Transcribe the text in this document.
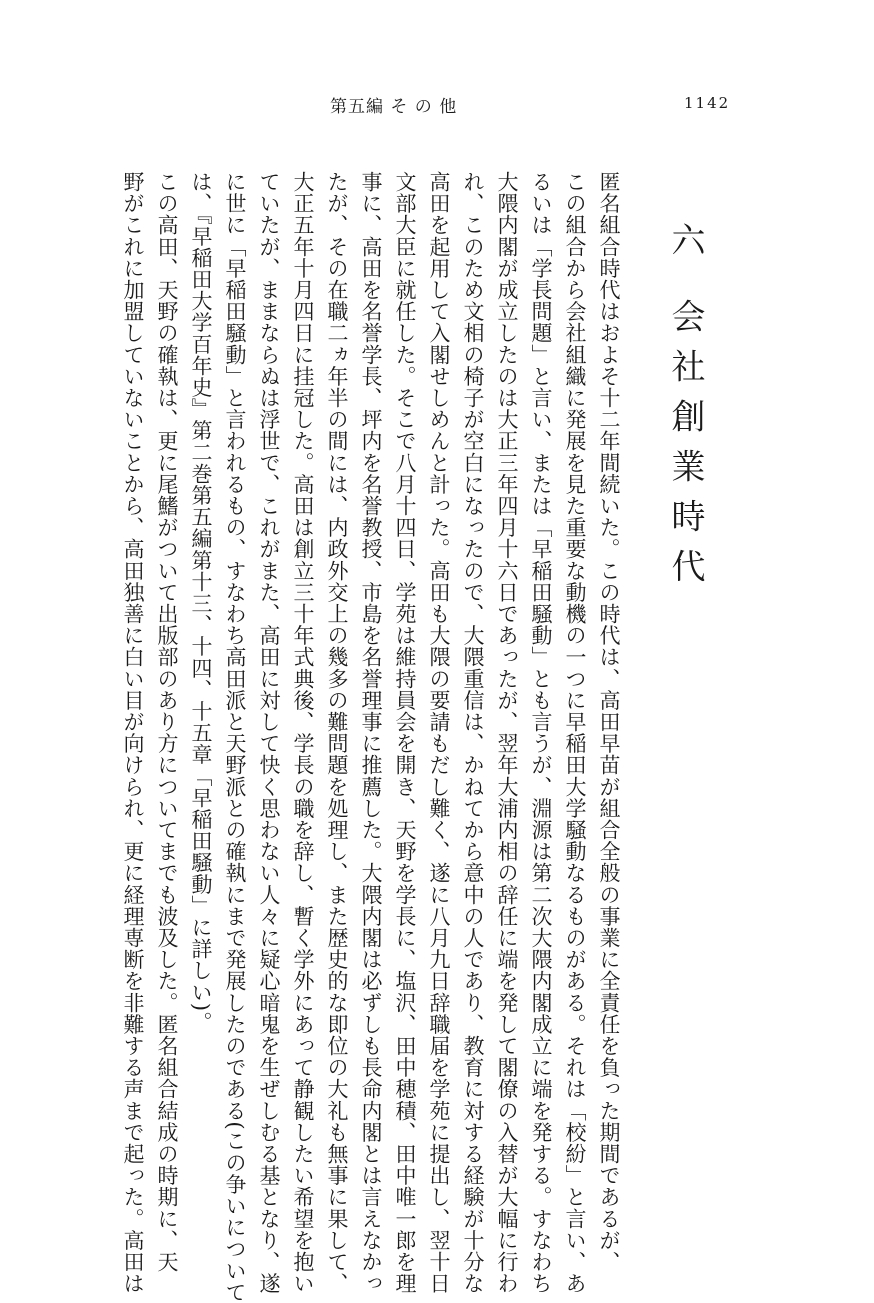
第五編 そ の 他	1142
六 会社創業時代

匿名組合時代はおよそ十二年間続いた。この時代は、高田早苗が組合全般の事業に全責任を負った期間であるが、
この組合から会社組織に発展を見た重要な動機の一つに早稲田大学騒動なるものがある。それは「校紛」と言い、あ
るいは「学長問題」と言い、または「早稲田騒動」とも言うが、淵源は第二次大隈内閣成立に端を発する。すなわち
大隈内閣が成立したのは大正三年四月十六日であったが、翌年大浦内相の辞任に端を発して閣僚の入替が大幅に行わ
れ、このため文相の椅子が空白になったので、大隈重信は、かねてから意中の人であり、教育に対する経験が十分な
高田を起用して入閣せしめんと計った。高田も大隈の要請もだし難く、遂に八月九日辞職届を学苑に提出し、翌十日
文部大臣に就任した。そこで八月十四日、学苑は維持員会を開き、天野を学長に、塩沢、田中穂積、田中唯一郎を理
事に、高田を名誉学長、坪内を名誉教授、市島を名誉理事に推薦した。大隈内閣は必ずしも長命内閣とは言えなかっ
たが、その在職二ヵ年半の間には、内政外交上の幾多の難問題を処理し、また歴史的な即位の大礼も無事に果して、
大正五年十月四日に挂冠した。高田は創立三十年式典後、学長の職を辞し、暫く学外にあって静観したい希望を抱い
ていたが、ままならぬは浮世で、これがまた、高田に対して快く思わない人々に疑心暗鬼を生ぜしむる基となり、遂
に世に「早稲田騒動」と言われるもの、すなわち高田派と天野派との確執にまで発展したのである(この争いについて
は、『早稲田大学百年史』第二巻第五編第十三、十四、十五章「早稲田騒動」に詳しい)。

この高田、天野の確執は、更に尾鰭がついて出版部のあり方についてまでも波及した。匿名組合結成の時期に、天
野がこれに加盟していないことから、高田独善に白い目が向けられ、更に経理専断を非難する声まで起った。高田は
